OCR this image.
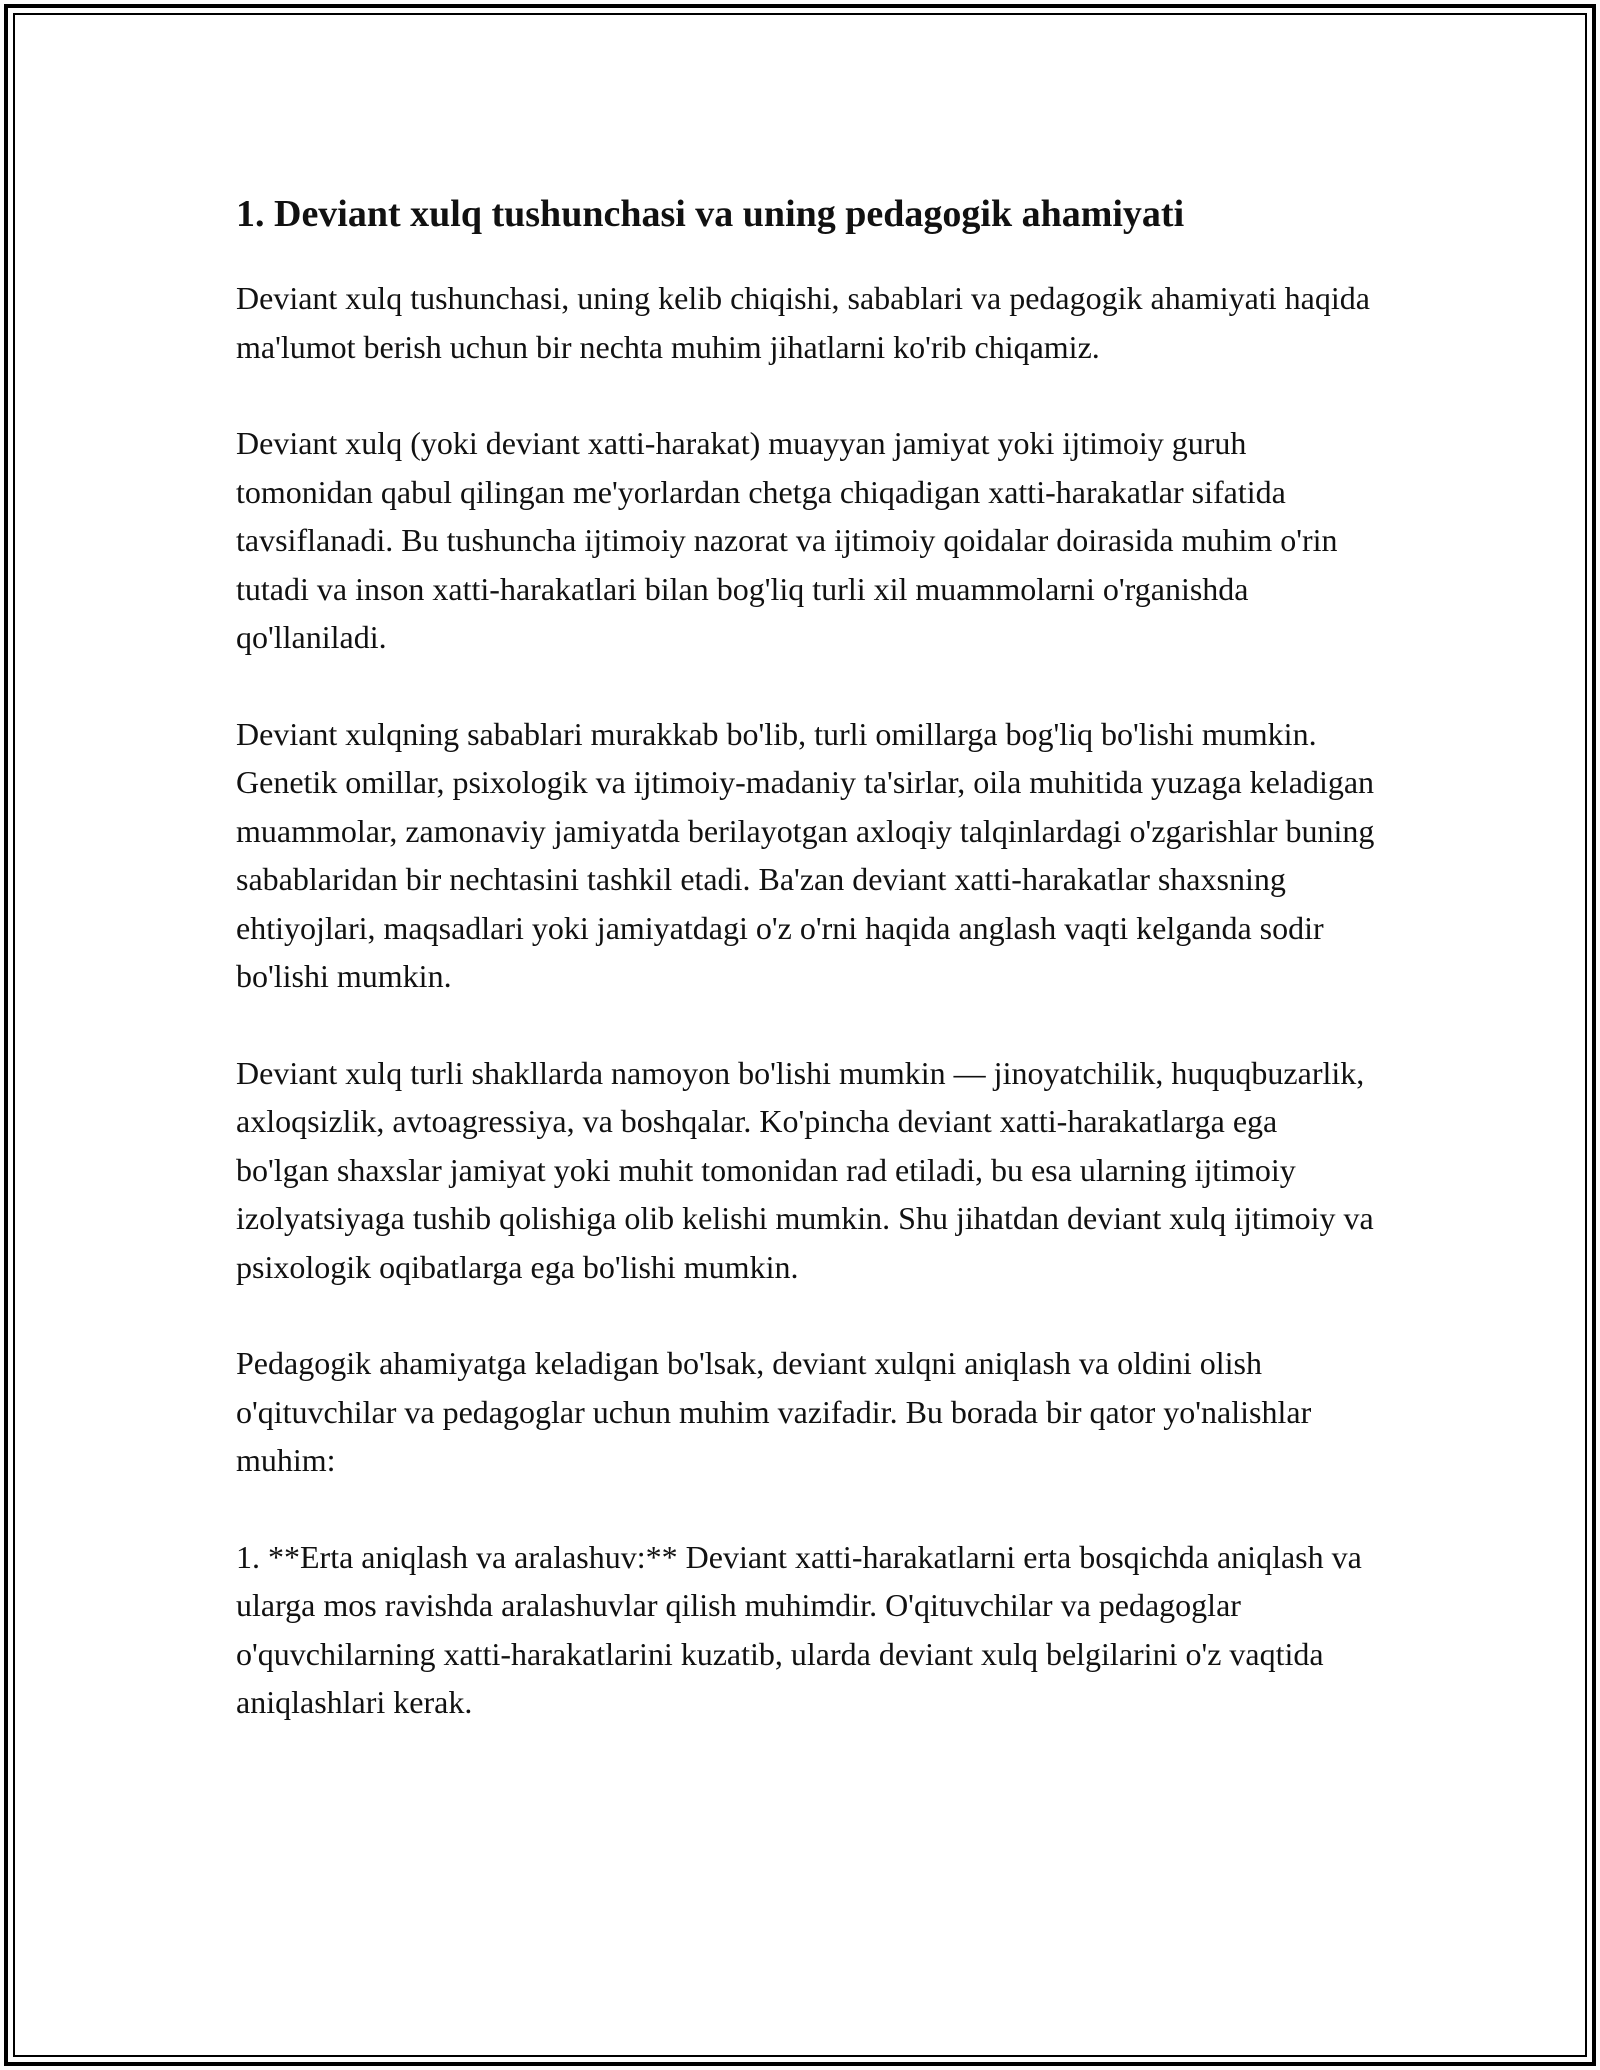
1. Deviant xulq tushunchasi va uning pedagogik ahamiyati

Deviant xulq tushunchasi, uning kelib chiqishi, sabablari va pedagogik ahamiyati haqida ma'lumot berish uchun bir nechta muhim jihatlarni ko'rib chiqamiz.

Deviant xulq (yoki deviant xatti-harakat) muayyan jamiyat yoki ijtimoiy guruh tomonidan qabul qilingan me'yorlardan chetga chiqadigan xatti-harakatlar sifatida tavsiflanadi. Bu tushuncha ijtimoiy nazorat va ijtimoiy qoidalar doirasida muhim o'rin tutadi va inson xatti-harakatlari bilan bog'liq turli xil muammolarni o'rganishda qo'llaniladi.

Deviant xulqning sabablari murakkab bo'lib, turli omillarga bog'liq bo'lishi mumkin. Genetik omillar, psixologik va ijtimoiy-madaniy ta'sirlar, oila muhitida yuzaga keladigan muammolar, zamonaviy jamiyatda berilayotgan axloqiy talqinlardagi o'zgarishlar buning sabablaridan bir nechtasini tashkil etadi. Ba'zan deviant xatti-harakatlar shaxsning ehtiyojlari, maqsadlari yoki jamiyatdagi o'z o'rni haqida anglash vaqti kelganda sodir bo'lishi mumkin.

Deviant xulq turli shakllarda namoyon bo'lishi mumkin — jinoyatchilik, huquqbuzarlik, axloqsizlik, avtoagressiya, va boshqalar. Ko'pincha deviant xatti-harakatlarga ega bo'lgan shaxslar jamiyat yoki muhit tomonidan rad etiladi, bu esa ularning ijtimoiy izolyatsiyaga tushib qolishiga olib kelishi mumkin. Shu jihatdan deviant xulq ijtimoiy va psixologik oqibatlarga ega bo'lishi mumkin.

Pedagogik ahamiyatga keladigan bo'lsak, deviant xulqni aniqlash va oldini olish o'qituvchilar va pedagoglar uchun muhim vazifadir. Bu borada bir qator yo'nalishlar muhim:

1. **Erta aniqlash va aralashuv:** Deviant xatti-harakatlarni erta bosqichda aniqlash va ularga mos ravishda aralashuvlar qilish muhimdir. O'qituvchilar va pedagoglar o'quvchilarning xatti-harakatlarini kuzatib, ularda deviant xulq belgilarini o'z vaqtida aniqlashlari kerak.
